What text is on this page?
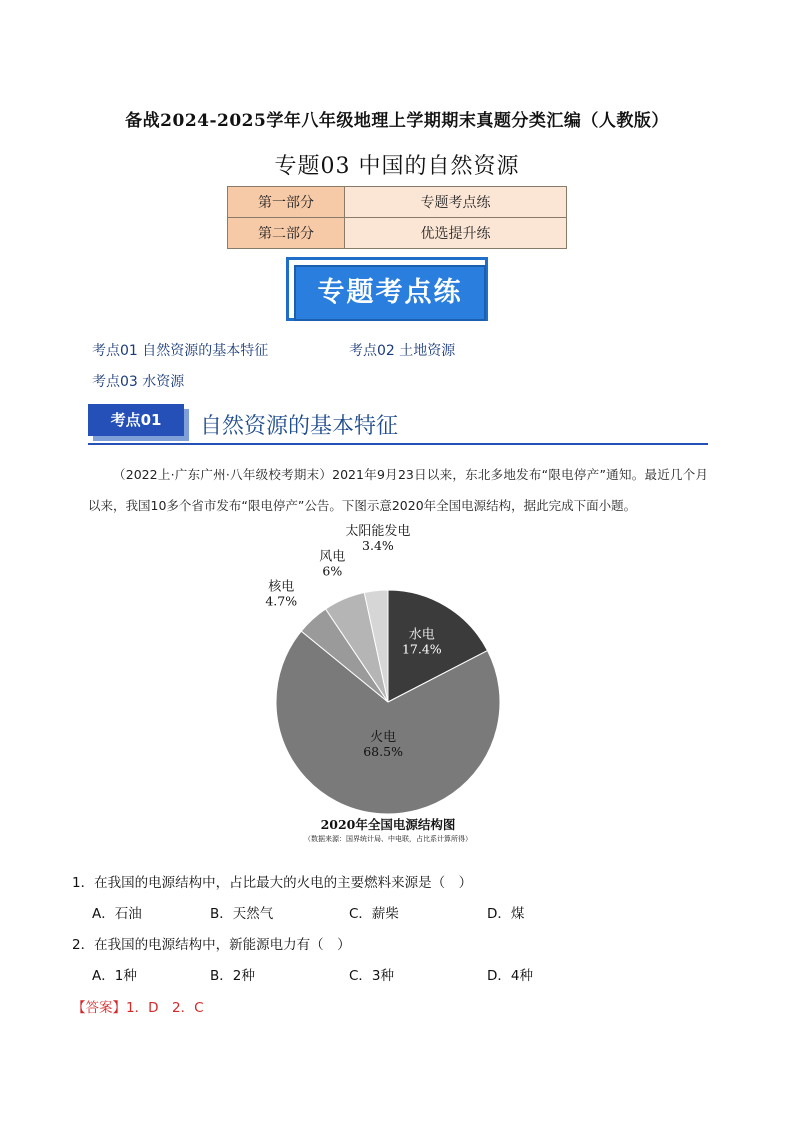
备战2024-2025学年八年级地理上学期期末真题分类汇编（人教版）
专题03 中国的自然资源
第一部分	专题考点练
第二部分	优选提升练
专题考点练
考点01 自然资源的基本特征	考点02 土地资源
考点03 水资源
考点01	自然资源的基本特征
（2022上·广东广州·八年级校考期末）2021年9月23日以来，东北多地发布“限电停产”通知。最近几个月以来，我国10多个省市发布“限电停产”公告。下图示意2020年全国电源结构，据此完成下面小题。
水电
17.4%
火电
68.5%
核电
4.7%
风电
6%
太阳能发电
3.4%
2020年全国电源结构图
（数据来源：国界统计局、中电联，占比系计算所得）
1．在我国的电源结构中，占比最大的火电的主要燃料来源是（　）
A．石油	B．天然气	C．薪柴	D．煤
2．在我国的电源结构中，新能源电力有（　）
A．1种	B．2种	C．3种	D．4种
【答案】1．D　2．C
